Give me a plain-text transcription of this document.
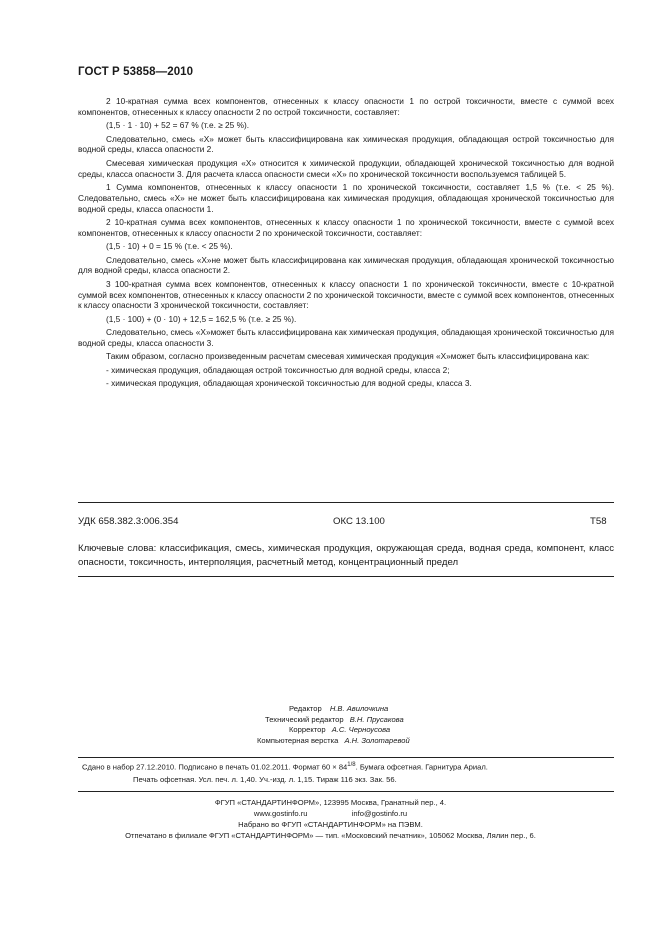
ГОСТ Р 53858—2010

2 10-кратная сумма всех компонентов, отнесенных к классу опасности 1 по острой токсичности, вместе с суммой всех компонентов, отнесенных к классу опасности 2 по острой токсичности, составляет:

(1,5 · 1 · 10) + 52 = 67 % (т.е. ≥ 25 %).

Следовательно, смесь «X» может быть классифицирована как химическая продукция, обладающая острой токсичностью для водной среды, класса опасности 2.

Смесевая химическая продукция «X» относится к химической продукции, обладающей хронической токсичностью для водной среды, класса опасности 3. Для расчета класса опасности смеси «X» по хронической токсичности воспользуемся таблицей 5.

1 Сумма компонентов, отнесенных к классу опасности 1 по хронической токсичности, составляет 1,5 % (т.е. < 25 %). Следовательно, смесь «X» не может быть классифицирована как химическая продукция, обладающая хронической токсичностью для водной среды, класса опасности 1.

2 10-кратная сумма всех компонентов, отнесенных к классу опасности 1 по хронической токсичности, вместе с суммой всех компонентов, отнесенных к классу опасности 2 по хронической токсичности, составляет:

(1,5 · 10) + 0 = 15 % (т.е. < 25 %).

Следовательно, смесь «X»не может быть классифицирована как химическая продукция, обладающая хронической токсичностью для водной среды, класса опасности 2.

3 100-кратная сумма всех компонентов, отнесенных к классу опасности 1 по хронической токсичности, вместе с 10-кратной суммой всех компонентов, отнесенных к классу опасности 2 по хронической токсичности, вместе с суммой всех компонентов, отнесенных к классу опасности 3 хронической токсичности, составляет:

(1,5 · 100) + (0 · 10) + 12,5 = 162,5 % (т.е. ≥ 25 %).

Следовательно, смесь «X»может быть классифицирована как химическая продукция, обладающая хронической токсичностью для водной среды, класса опасности 3.

Таким образом, согласно произведенным расчетам смесевая химическая продукция «X»может быть классифицирована как:

- химическая продукция, обладающая острой токсичностью для водной среды, класса 2;

- химическая продукция, обладающая хронической токсичностью для водной среды, класса 3.

УДК 658.382.3:006.354	ОКС 13.100	Т58
Ключевые слова: классификация, смесь, химическая продукция, окружающая среда, водная среда, компонент, класс опасности, токсичность, интерполяция, расчетный метод, концентрационный предел
Редактор Н.В. Авилочкина
Технический редактор В.Н. Прусакова
Корректор А.С. Черноусова
Компьютерная верстка А.Н. Золотаревой
Сдано в набор 27.12.2010. Подписано в печать 01.02.2011. Формат $60 \times 84^{1/8}$. Бумага офсетная. Гарнитура Ариал.
Печать офсетная. Усл. печ. л. 1,40. Уч.-изд. л. 1,15. Тираж 116 экз. Зак. 56.
ФГУП «СТАНДАРТИНФОРМ», 123995 Москва, Гранатный пер., 4.
www.gostinfo.ru	info@gostinfo.ru
Набрано во ФГУП «СТАНДАРТИНФОРМ» на ПЭВМ.
Отпечатано в филиале ФГУП «СТАНДАРТИНФОРМ» — тип. «Московский печатник», 105062 Москва, Лялин пер., 6.
